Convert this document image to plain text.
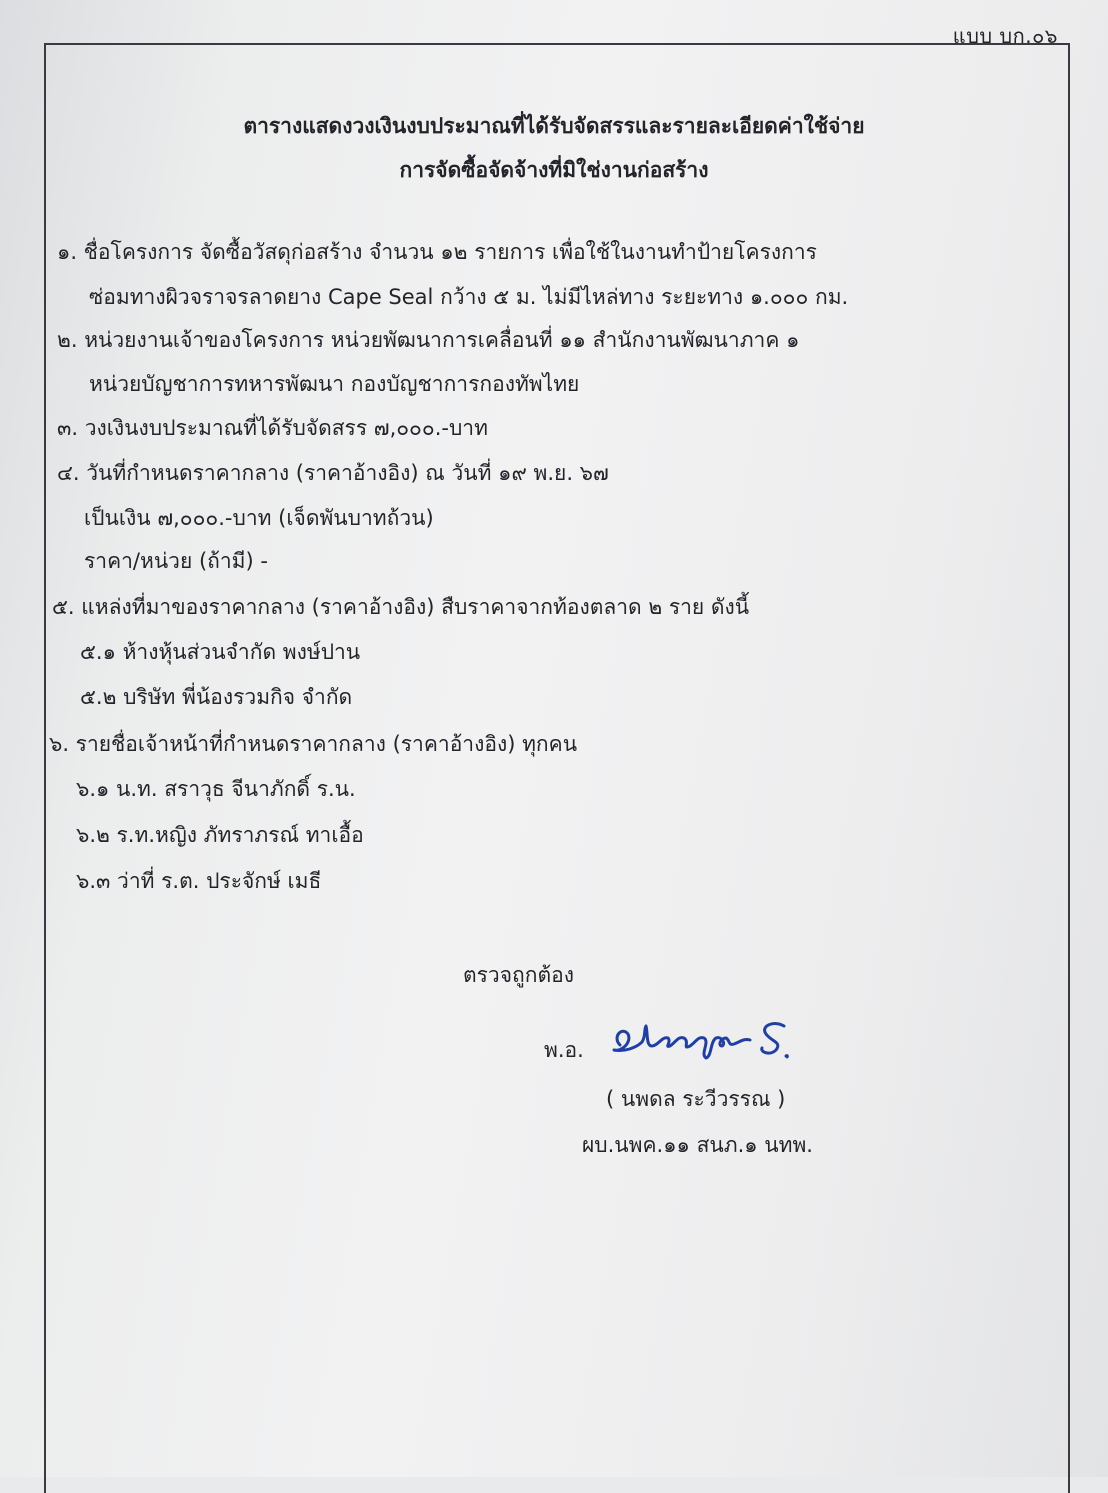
แบบ บก.๐๖
ตารางแสดงวงเงินงบประมาณที่ได้รับจัดสรรและรายละเอียดค่าใช้จ่าย
การจัดซื้อจัดจ้างที่มิใช่งานก่อสร้าง
๑. ชื่อโครงการ จัดซื้อวัสดุก่อสร้าง จำนวน ๑๒ รายการ เพื่อใช้ในงานทำป้ายโครงการ
ซ่อมทางผิวจราจรลาดยาง Cape Seal กว้าง ๕ ม. ไม่มีไหล่ทาง ระยะทาง ๑.๐๐๐ กม.
๒. หน่วยงานเจ้าของโครงการ หน่วยพัฒนาการเคลื่อนที่ ๑๑ สำนักงานพัฒนาภาค ๑
หน่วยบัญชาการทหารพัฒนา กองบัญชาการกองทัพไทย
๓. วงเงินงบประมาณที่ได้รับจัดสรร ๗,๐๐๐.-บาท
๔. วันที่กำหนดราคากลาง (ราคาอ้างอิง) ณ วันที่ ๑๙ พ.ย. ๖๗
เป็นเงิน ๗,๐๐๐.-บาท (เจ็ดพันบาทถ้วน)
ราคา/หน่วย (ถ้ามี) -
๕. แหล่งที่มาของราคากลาง (ราคาอ้างอิง) สืบราคาจากท้องตลาด ๒ ราย ดังนี้
๕.๑ ห้างหุ้นส่วนจำกัด พงษ์ปาน
๕.๒ บริษัท พี่น้องรวมกิจ จำกัด
๖. รายชื่อเจ้าหน้าที่กำหนดราคากลาง (ราคาอ้างอิง) ทุกคน
๖.๑ น.ท. สราวุธ จีนาภักดิ์ ร.น.
๖.๒ ร.ท.หญิง ภัทราภรณ์ ทาเอื้อ
๖.๓ ว่าที่ ร.ต. ประจักษ์ เมธี
ตรวจถูกต้อง
พ.อ.
( นพดล ระวีวรรณ )
ผบ.นพค.๑๑ สนภ.๑ นทพ.
